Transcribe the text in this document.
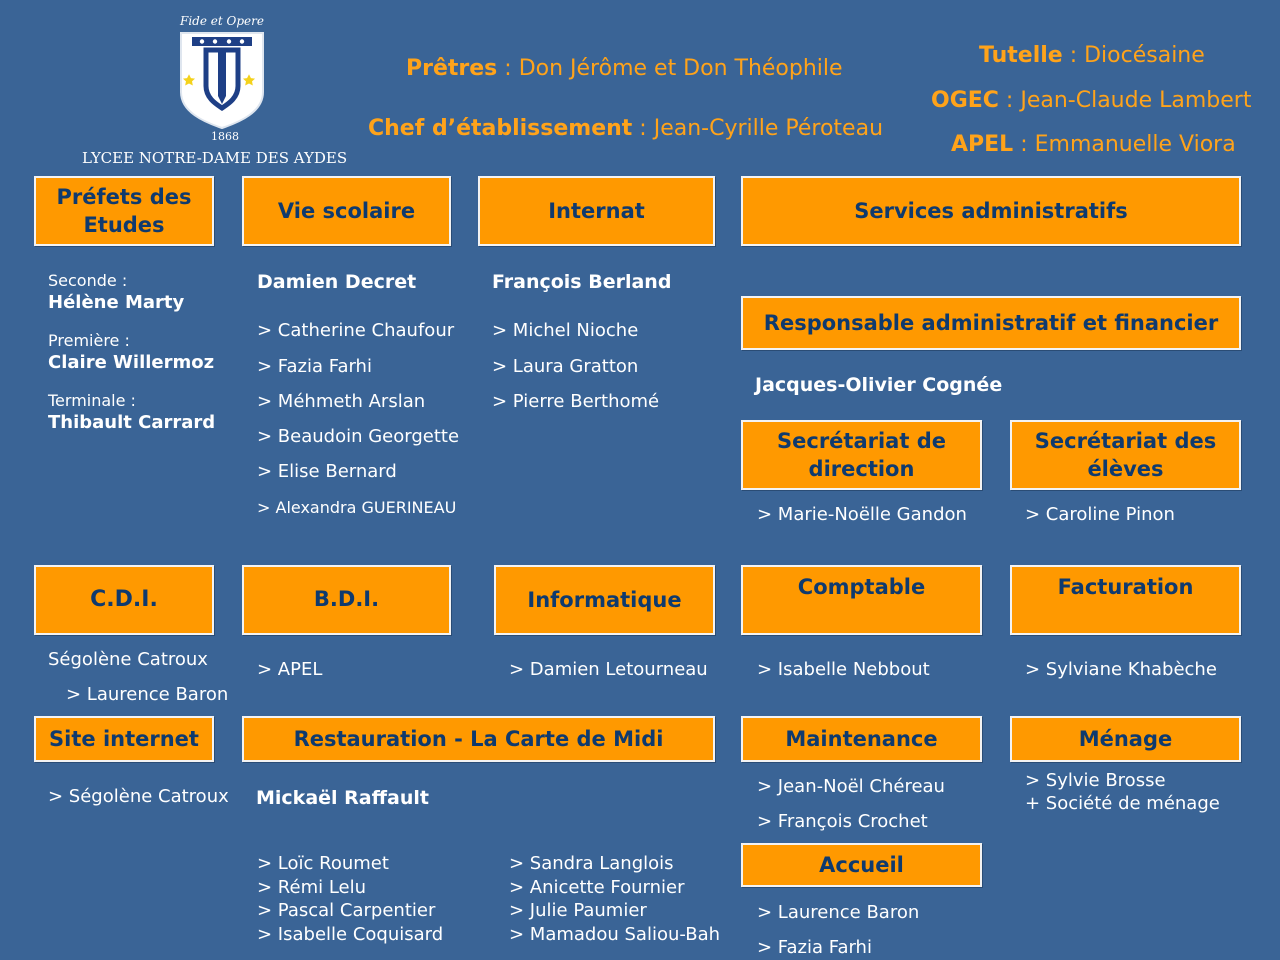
Fide et Opere
1868
LYCEE NOTRE-DAME DES AYDES
Prêtres : Don Jérôme et Don Théophile
Chef d’établissement : Jean-Cyrille Péroteau
Tutelle : Diocésaine
OGEC : Jean-Claude Lambert
APEL : Emmanuelle Viora
Préfets des Etudes
Vie scolaire	Internat	Services administratifs
Seconde :
Hélène Marty
Première :
Claire Willermoz
Terminale :
Thibault Carrard
Damien Decret
> Catherine Chaufour
> Fazia Farhi
> Méhmeth Arslan
> Beaudoin Georgette
> Elise Bernard
> Alexandra GUERINEAU
François Berland
> Michel Nioche
> Laura Gratton
> Pierre Berthomé
Responsable administratif et financier
Jacques-Olivier Cognée
Secrétariat de direction
Secrétariat des élèves
> Marie-Noëlle Gandon	> Caroline Pinon
C.D.I.	B.D.I.	Informatique
Comptable	Facturation
Ségolène Catroux
> Laurence Baron
> APEL	> Damien Letourneau	> Isabelle Nebbout	> Sylviane Khabèche
Site internet	Restauration - La Carte de Midi	Maintenance	Ménage
> Ségolène Catroux Mickaël Raffault
> Loïc Roumet
> Rémi Lelu
> Pascal Carpentier
> Isabelle Coquisard
> Sandra Langlois
> Anicette Fournier
> Julie Paumier
> Mamadou Saliou-Bah
> Jean-Noël Chéreau
> François Crochet
> Sylvie Brosse
+ Société de ménage
Accueil
> Laurence Baron
> Fazia Farhi
